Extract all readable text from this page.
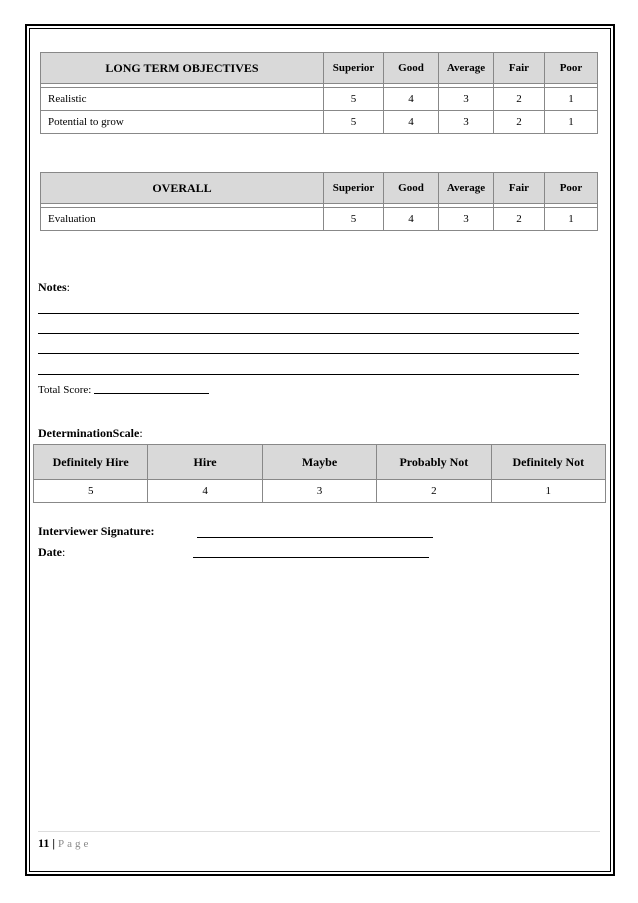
LONG TERM OBJECTIVES	Superior	Good	Average	Fair	Poor

Realistic	5	4	3	2	1
Potential to grow	5	4	3	2	1
OVERALL	Superior	Good	Average	Fair	Poor

Evaluation	5	4	3	2	1
Notes:
Total Score:
DeterminationScale:
Definitely Hire	Hire	Maybe	Probably Not	Definitely Not
5	4	3	2	1
Interviewer Signature:
Date:
11 | Page
